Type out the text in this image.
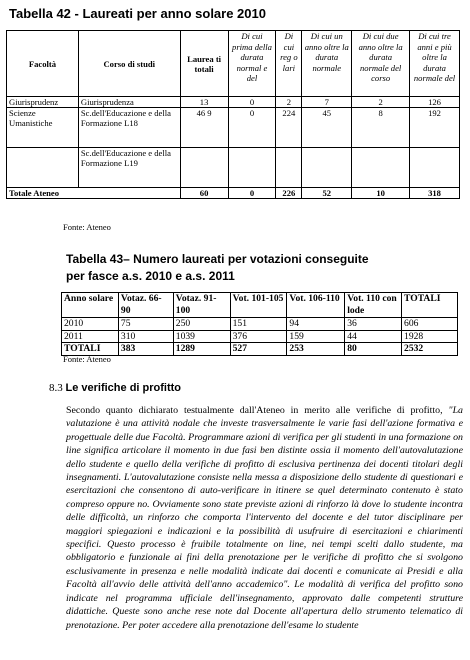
Tabella 42 - Laureati per anno solare 2010
Facoltà	Corso di studi	Laurea ti totali	Di cui prima della durata normal e del	Di cui reg o lari	Di cui un anno oltre la durata normale	Di cui due anno oltre la durata normale del corso	Di cui tre anni e più oltre la durata normale del
Giurisprudenz	Giurisprudenza	13	0	2	7	2	126
Scienze Umanistiche	Sc.dell'Educazione e della Formazione L18	46 9	0	224	45	8	192
	Sc.dell'Educazione e della Formazione L19						
Totale Ateneo		60	0	226	52	10	318
Fonte: Ateneo
Tabella 43– Numero laureati per votazioni conseguite per fasce a.s. 2010 e a.s. 2011
Anno solare	Votaz. 66-90	Votaz. 91-100	Vot. 101-105	Vot. 106-110	Vot. 110 con lode	TOTALI
2010	75	250	151	94	36	606
2011	310	1039	376	159	44	1928
TOTALI	383	1289	527	253	80	2532
Fonte: Ateneo
8.3 Le verifiche di profitto
Secondo quanto dichiarato testualmente dall'Ateneo in merito alle verifiche di profitto, "La valutazione è una attività nodale che investe trasversalmente le varie fasi dell'azione formativa e progettuale delle due Facoltà. Programmare azioni di verifica per gli studenti in una formazione on line significa articolare il momento in due fasi ben distinte ossia il momento dell'autovalutazione dello studente e quello della verifiche di profitto di esclusiva pertinenza dei docenti titolari degli insegnamenti. L'autovalutazione consiste nella messa a disposizione dello studente di questionari e esercitazioni che consentono di auto-verificare in itinere se quel determinato contenuto è stato compreso oppure no. Ovviamente sono state previste azioni di rinforzo là dove lo studente incontra delle difficoltà, un rinforzo che comporta l'intervento del docente e del tutor disciplinare per maggiori spiegazioni e indicazioni e la possibilità di usufruire di esercitazioni e chiarimenti specifici. Questo processo è fruibile totalmente on line, nei tempi scelti dallo studente, ma obbligatorio e funzionale ai fini della prenotazione per le verifiche di profitto che si svolgono esclusivamente in presenza e nelle modalità indicate dai docenti e comunicate ai Presidi e alla Facoltà all'avvio delle attività dell'anno accademico". Le modalità di verifica del profitto sono indicate nel programma ufficiale dell'insegnamento, approvato dalle competenti strutture didattiche. Queste sono anche rese note dal Docente all'apertura dello strumento telematico di prenotazione. Per poter accedere alla prenotazione dell'esame lo studente
